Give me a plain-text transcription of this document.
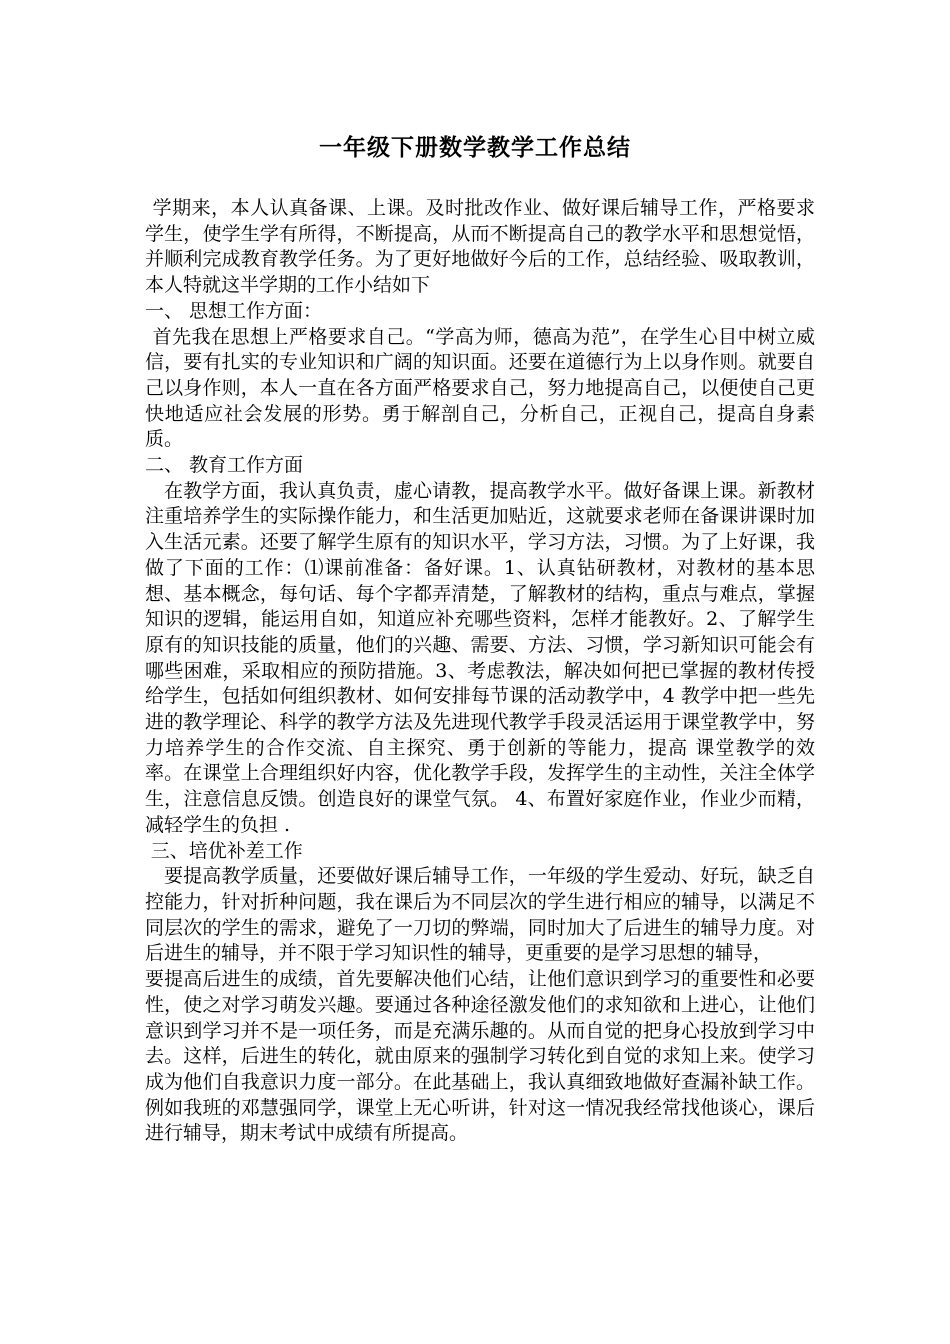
一年级下册数学教学工作总结

学期来，本人认真备课、上课。及时批改作业、做好课后辅导工作，严格要求学生，使学生学有所得，不断提高，从而不断提高自己的教学水平和思想觉悟，并顺利完成教育教学任务。为了更好地做好今后的工作，总结经验、吸取教训，本人特就这半学期的工作小结如下

一、 思想工作方面：

首先我在思想上严格要求自己。“学高为师，德高为范”，在学生心目中树立威信，要有扎实的专业知识和广阔的知识面。还要在道德行为上以身作则。就要自己以身作则，本人一直在各方面严格要求自己，努力地提高自己，以便使自己更快地适应社会发展的形势。勇于解剖自己，分析自己，正视自己，提高自身素质。

二、 教育工作方面

在教学方面，我认真负责，虚心请教，提高教学水平。做好备课上课。新教材注重培养学生的实际操作能力，和生活更加贴近，这就要求老师在备课讲课时加入生活元素。还要了解学生原有的知识水平，学习方法，习惯。为了上好课，我做了下面的工作：⑴课前准备：备好课。1、认真钻研教材，对教材的基本思想、基本概念，每句话、每个字都弄清楚，了解教材的结构，重点与难点，掌握知识的逻辑，能运用自如，知道应补充哪些资料，怎样才能教好。2、了解学生原有的知识技能的质量，他们的兴趣、需要、方法、习惯，学习新知识可能会有哪些困难，采取相应的预防措施。3、考虑教法，解决如何把已掌握的教材传授给学生，包括如何组织教材、如何安排每节课的活动教学中，4 教学中把一些先进的教学理论、科学的教学方法及先进现代教学手段灵活运用于课堂教学中，努力培养学生的合作交流、自主探究、勇于创新的等能力，提高 课堂教学的效率。在课堂上合理组织好内容，优化教学手段，发挥学生的主动性，关注全体学生，注意信息反馈。创造良好的课堂气氛。 4、布置好家庭作业，作业少而精，减轻学生的负担 .

三、培优补差工作

要提高教学质量，还要做好课后辅导工作，一年级的学生爱动、好玩，缺乏自控能力，针对折种问题，我在课后为不同层次的学生进行相应的辅导，以满足不同层次的学生的需求，避免了一刀切的弊端，同时加大了后进生的辅导力度。对后进生的辅导，并不限于学习知识性的辅导，更重要的是学习思想的辅导，

要提高后进生的成绩，首先要解决他们心结，让他们意识到学习的重要性和必要性，使之对学习萌发兴趣。要通过各种途径激发他们的求知欲和上进心，让他们意识到学习并不是一项任务，而是充满乐趣的。从而自觉的把身心投放到学习中去。这样，后进生的转化，就由原来的强制学习转化到自觉的求知上来。使学习成为他们自我意识力度一部分。在此基础上，我认真细致地做好查漏补缺工作。例如我班的邓慧强同学，课堂上无心听讲，针对这一情况我经常找他谈心，课后进行辅导，期末考试中成绩有所提高。
